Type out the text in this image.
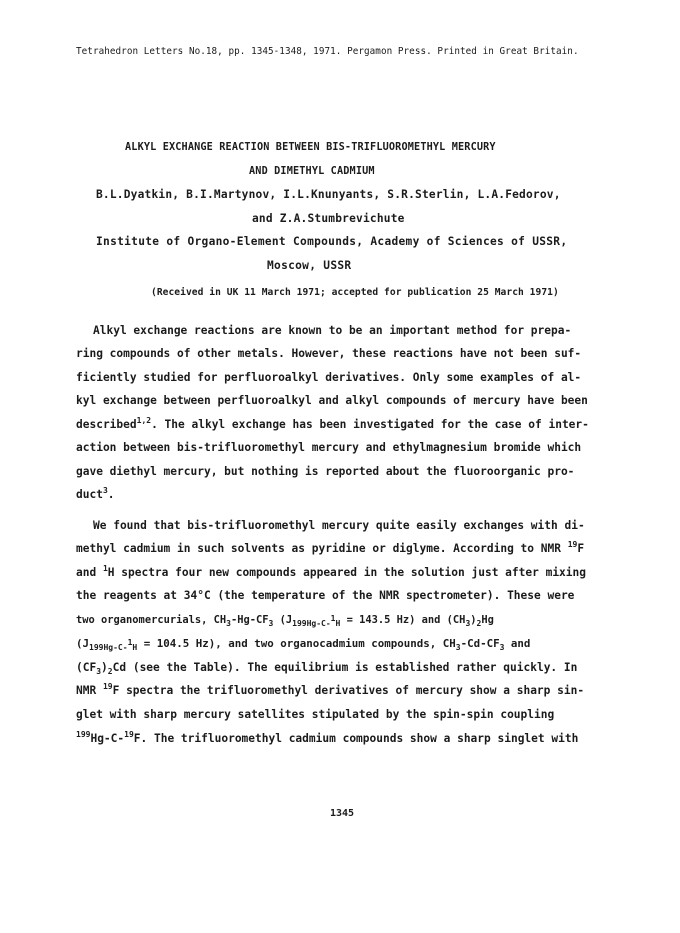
Tetrahedron Letters No.18, pp. 1345-1348, 1971. Pergamon Press. Printed in Great Britain.
ALKYL EXCHANGE REACTION BETWEEN BIS-TRIFLUOROMETHYL MERCURY
AND DIMETHYL CADMIUM
B.L.Dyatkin, B.I.Martynov, I.L.Knunyants, S.R.Sterlin, L.A.Fedorov,
and Z.A.Stumbrevichute
Institute of Organo-Element Compounds, Academy of Sciences of USSR,
Moscow, USSR
(Received in UK 11 March 1971; accepted for publication 25 March 1971)
Alkyl exchange reactions are known to be an important method for prepa-
ring compounds of other metals. However, these reactions have not been suf-
ficiently studied for perfluoroalkyl derivatives. Only some examples of al-
kyl exchange between perfluoroalkyl and alkyl compounds of mercury have been
described$^{1,2}$. The alkyl exchange has been investigated for the case of inter-
action between bis-trifluoromethyl mercury and ethylmagnesium bromide which
gave diethyl mercury, but nothing is reported about the fluoroorganic pro-
duct$^3$.
We found that bis-trifluoromethyl mercury quite easily exchanges with di-
methyl cadmium in such solvents as pyridine or diglyme. According to NMR $^{19}$F
and $^1$H spectra four new compounds appeared in the solution just after mixing
the reagents at 34°C (the temperature of the NMR spectrometer). These were
two organomercurials, $CH_3-Hg-CF_3$ ($J_{199Hg-C-^1H} = 143.5$ Hz) and $(CH_3)_2Hg$
($J_{199Hg-C-^1H} = 104.5$ Hz), and two organocadmium compounds, $CH_3-Cd-CF_3$ and
$(CF_3)_2Cd$ (see the Table). The equilibrium is established rather quickly. In
NMR $^{19}$F spectra the trifluoromethyl derivatives of mercury show a sharp sin-
glet with sharp mercury satellites stipulated by the spin-spin coupling
$^{199}$Hg-C-$^{19}$F. The trifluoromethyl cadmium compounds show a sharp singlet with
1345
